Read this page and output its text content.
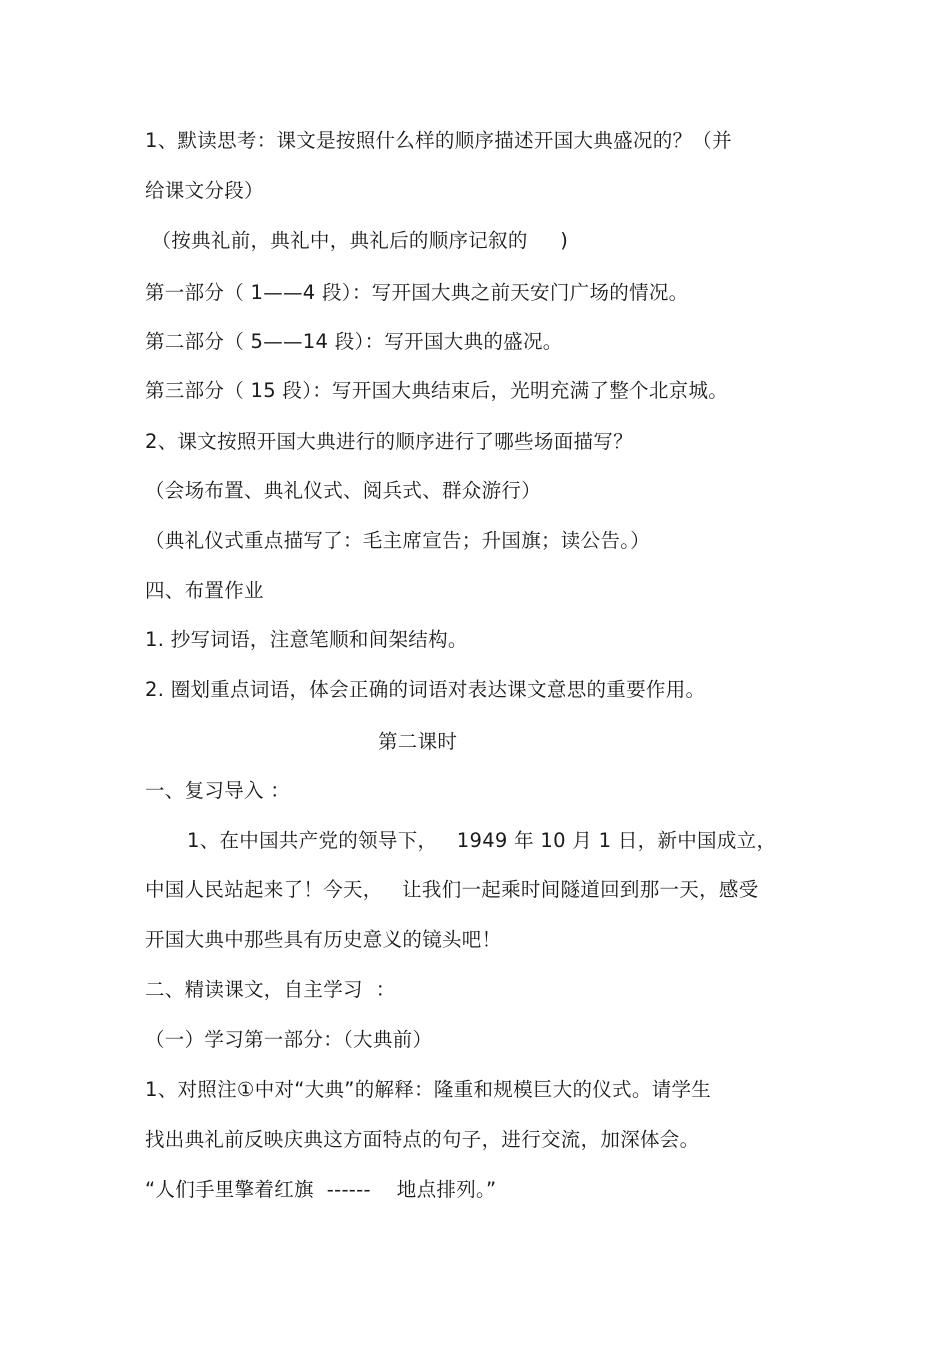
1、默读思考：课文是按照什么样的顺序描述开国大典盛况的？（并
给课文分段）
（按典礼前，典礼中，典礼后的顺序记叙的     )
第一部分（ 1——4 段）：写开国大典之前天安门广场的情况。
第二部分（ 5——14 段）：写开国大典的盛况。
第三部分（ 15 段）：写开国大典结束后，光明充满了整个北京城。
2、课文按照开国大典进行的顺序进行了哪些场面描写？
（会场布置、典礼仪式、阅兵式、群众游行）
（典礼仪式重点描写了：毛主席宣告；升国旗；读公告。）
四、布置作业
1. 抄写词语，注意笔顺和间架结构。
2. 圈划重点词语，体会正确的词语对表达课文意思的重要作用。
第二课时
一、复习导入 ：
1、在中国共产党的领导下，   1949 年 10 月 1 日，新中国成立，
中国人民站起来了！今天，   让我们一起乘时间隧道回到那一天，感受
开国大典中那些具有历史意义的镜头吧！
二、精读课文，自主学习  ：
（一）学习第一部分：（大典前）
1、对照注①中对“大典”的解释：隆重和规模巨大的仪式。请学生
找出典礼前反映庆典这方面特点的句子，进行交流，加深体会。
“人们手里擎着红旗  ------    地点排列。”
